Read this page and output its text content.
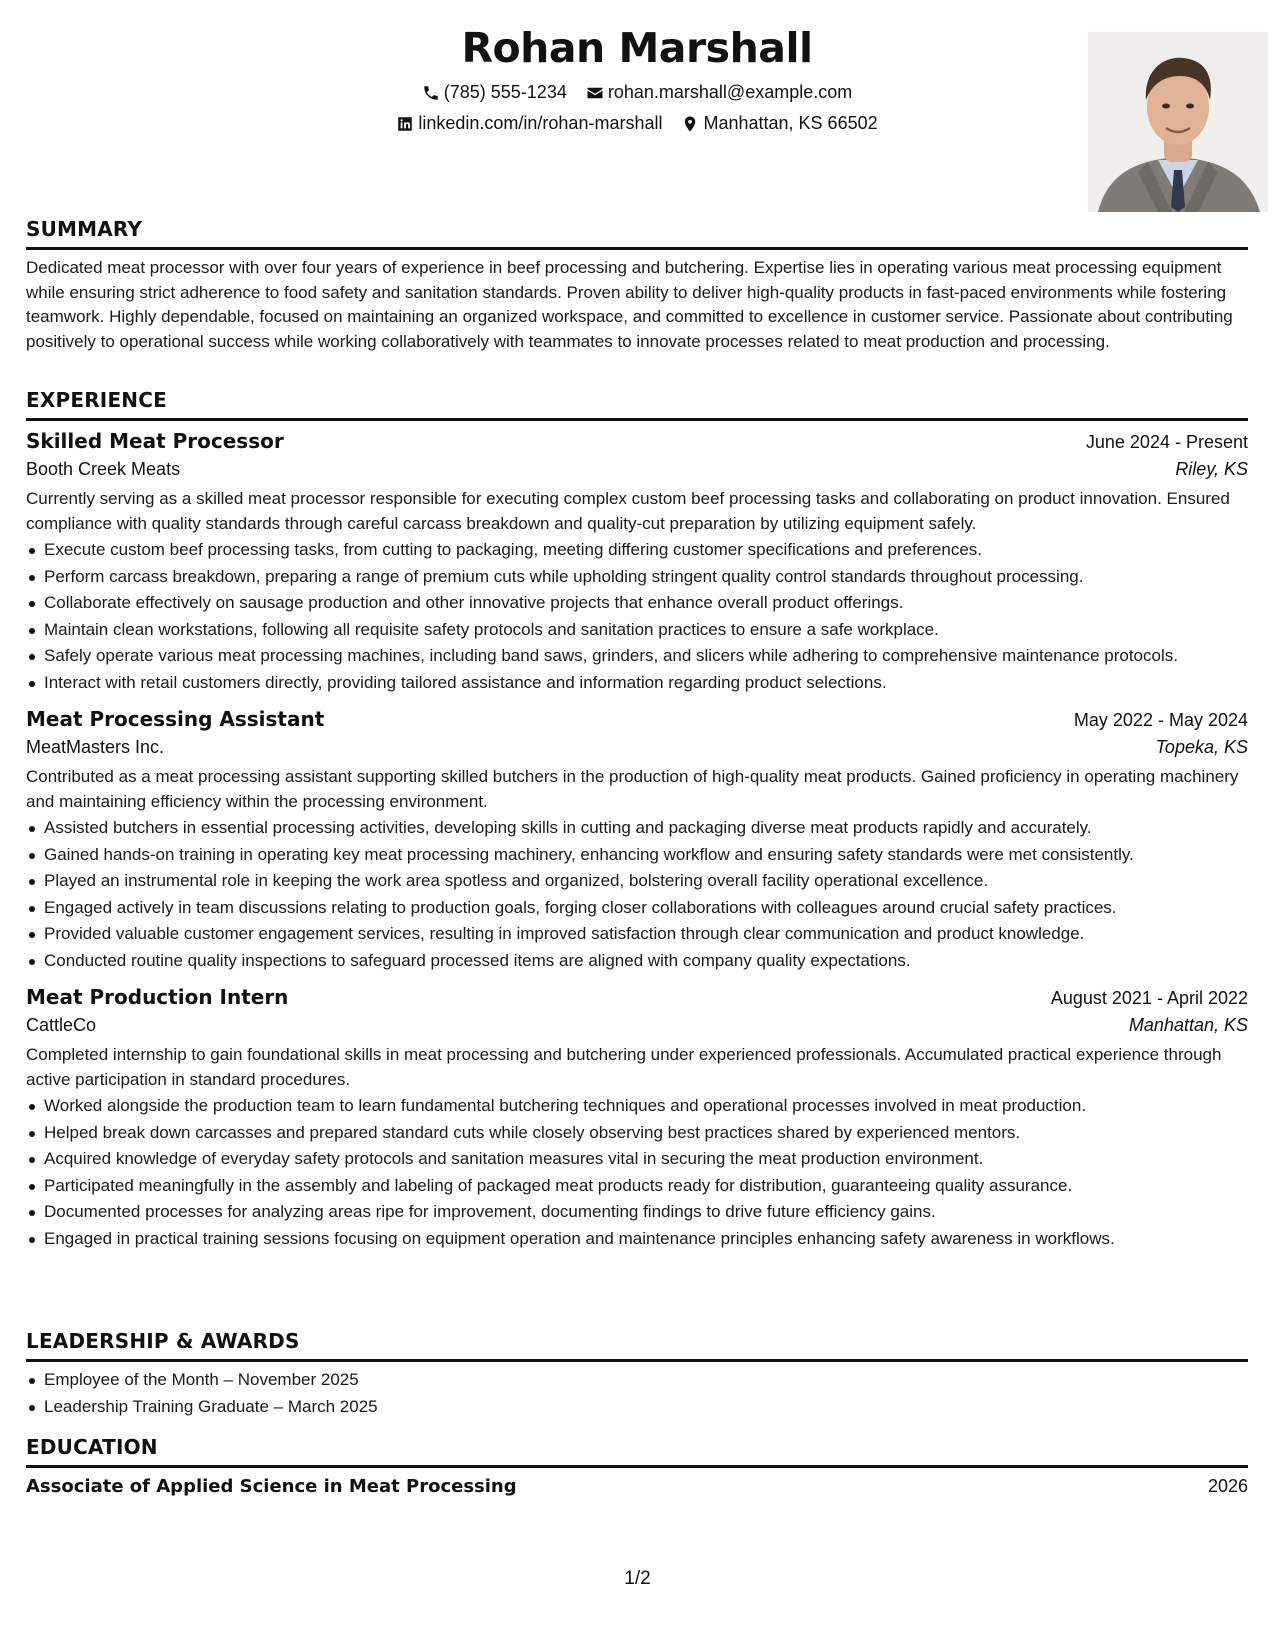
Rohan Marshall
(785) 555-1234
rohan.marshall@example.com
linkedin.com/in/rohan-marshall
Manhattan, KS 66502
SUMMARY
Dedicated meat processor with over four years of experience in beef processing and butchering. Expertise lies in operating various meat processing equipment while ensuring strict adherence to food safety and sanitation standards. Proven ability to deliver high-quality products in fast-paced environments while fostering teamwork. Highly dependable, focused on maintaining an organized workspace, and committed to excellence in customer service. Passionate about contributing positively to operational success while working collaboratively with teammates to innovate processes related to meat production and processing.
EXPERIENCE
Skilled Meat Processor	June 2024 - Present
Booth Creek Meats	Riley, KS
Currently serving as a skilled meat processor responsible for executing complex custom beef processing tasks and collaborating on product innovation. Ensured compliance with quality standards through careful carcass breakdown and quality-cut preparation by utilizing equipment safely.
Execute custom beef processing tasks, from cutting to packaging, meeting differing customer specifications and preferences.
Perform carcass breakdown, preparing a range of premium cuts while upholding stringent quality control standards throughout processing.
Collaborate effectively on sausage production and other innovative projects that enhance overall product offerings.
Maintain clean workstations, following all requisite safety protocols and sanitation practices to ensure a safe workplace.
Safely operate various meat processing machines, including band saws, grinders, and slicers while adhering to comprehensive maintenance protocols.
Interact with retail customers directly, providing tailored assistance and information regarding product selections.
Meat Processing Assistant	May 2022 - May 2024
MeatMasters Inc.	Topeka, KS
Contributed as a meat processing assistant supporting skilled butchers in the production of high-quality meat products. Gained proficiency in operating machinery and maintaining efficiency within the processing environment.
Assisted butchers in essential processing activities, developing skills in cutting and packaging diverse meat products rapidly and accurately.
Gained hands-on training in operating key meat processing machinery, enhancing workflow and ensuring safety standards were met consistently.
Played an instrumental role in keeping the work area spotless and organized, bolstering overall facility operational excellence.
Engaged actively in team discussions relating to production goals, forging closer collaborations with colleagues around crucial safety practices.
Provided valuable customer engagement services, resulting in improved satisfaction through clear communication and product knowledge.
Conducted routine quality inspections to safeguard processed items are aligned with company quality expectations.
Meat Production Intern	August 2021 - April 2022
CattleCo	Manhattan, KS
Completed internship to gain foundational skills in meat processing and butchering under experienced professionals. Accumulated practical experience through active participation in standard procedures.
Worked alongside the production team to learn fundamental butchering techniques and operational processes involved in meat production.
Helped break down carcasses and prepared standard cuts while closely observing best practices shared by experienced mentors.
Acquired knowledge of everyday safety protocols and sanitation measures vital in securing the meat production environment.
Participated meaningfully in the assembly and labeling of packaged meat products ready for distribution, guaranteeing quality assurance.
Documented processes for analyzing areas ripe for improvement, documenting findings to drive future efficiency gains.
Engaged in practical training sessions focusing on equipment operation and maintenance principles enhancing safety awareness in workflows.
LEADERSHIP & AWARDS
Employee of the Month – November 2025
Leadership Training Graduate – March 2025
EDUCATION
Associate of Applied Science in Meat Processing	2026
1/2
